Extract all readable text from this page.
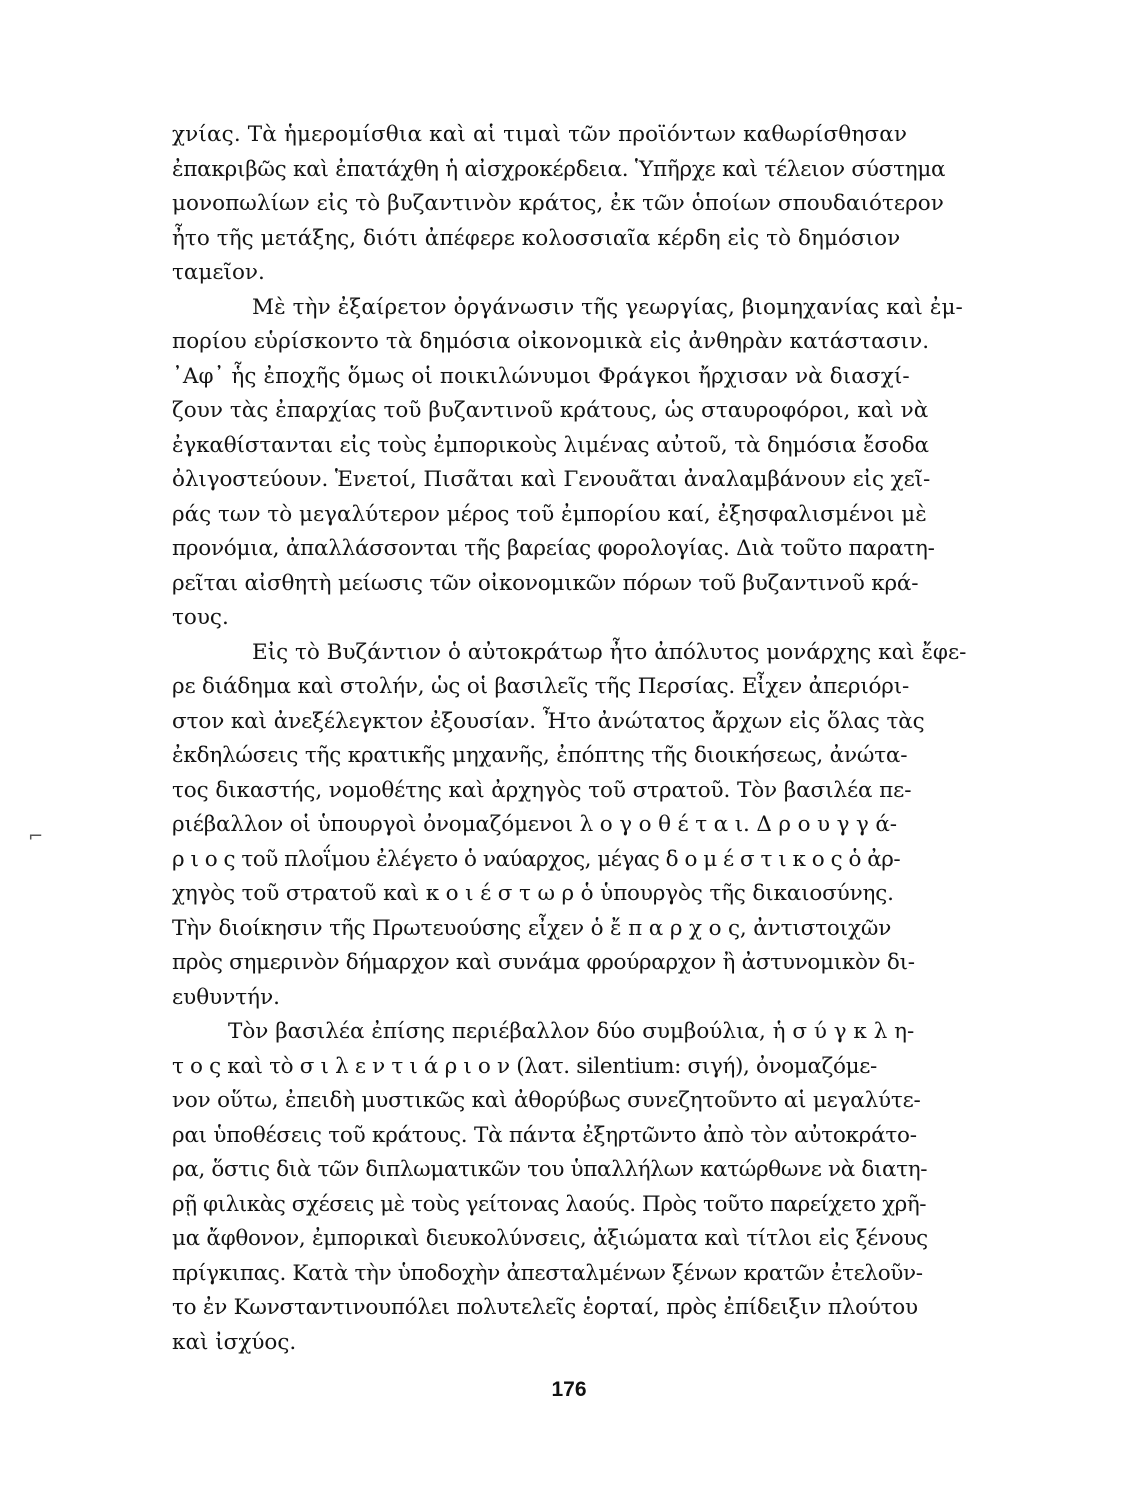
χνίας. Τὰ ἡμερομίσθια καὶ αἱ τιμαὶ τῶν προϊόντων καθωρίσθησαν
ἐπακριβῶς καὶ ἐπατάχθη ἡ αἰσχροκέρδεια. Ὑπῆρχε καὶ τέλειον σύστημα
μονοπωλίων εἰς τὸ βυζαντινὸν κράτος, ἐκ τῶν ὁποίων σπουδαιότερον
ἦτο τῆς μετάξης, διότι ἀπέφερε κολοσσιαῖα κέρδη εἰς τὸ δημόσιον
ταμεῖον.
Μὲ τὴν ἐξαίρετον ὀργάνωσιν τῆς γεωργίας, βιομηχανίας καὶ ἐμ-
πορίου εὑρίσκοντο τὰ δημόσια οἰκονομικὰ εἰς ἀνθηρὰν κατάστασιν.
᾿Αφ᾿ ἧς ἐποχῆς ὅμως οἱ ποικιλώνυμοι Φράγκοι ἤρχισαν νὰ διασχί-
ζουν τὰς ἐπαρχίας τοῦ βυζαντινοῦ κράτους, ὡς σταυροφόροι, καὶ νὰ
ἐγκαθίστανται εἰς τοὺς ἐμπορικοὺς λιμένας αὐτοῦ, τὰ δημόσια ἔσοδα
ὀλιγοστεύουν. Ἑνετοί, Πισᾶται καὶ Γενουᾶται ἀναλαμβάνουν εἰς χεῖ-
ράς των τὸ μεγαλύτερον μέρος τοῦ ἐμπορίου καί, ἐξησφαλισμένοι μὲ
προνόμια, ἀπαλλάσσονται τῆς βαρείας φορολογίας. Διὰ τοῦτο παρατη-
ρεῖται αἰσθητὴ μείωσις τῶν οἰκονομικῶν πόρων τοῦ βυζαντινοῦ κρά-
τους.
Εἰς τὸ Βυζάντιον ὁ αὐτοκράτωρ ἦτο ἀπόλυτος μονάρχης καὶ ἔφε-
ρε διάδημα καὶ στολήν, ὡς οἱ βασιλεῖς τῆς Περσίας. Εἶχεν ἀπεριόρι-
στον καὶ ἀνεξέλεγκτον ἐξουσίαν. Ἦτο ἀνώτατος ἄρχων εἰς ὅλας τὰς
ἐκδηλώσεις τῆς κρατικῆς μηχανῆς, ἐπόπτης τῆς διοικήσεως, ἀνώτα-
τος δικαστής, νομοθέτης καὶ ἀρχηγὸς τοῦ στρατοῦ. Τὸν βασιλέα πε-
ριέβαλλον οἱ ὑπουργοὶ ὀνομαζόμενοι λ ο γ ο θ έ τ α ι. Δ ρ ο υ γ γ ά-
ρ ι ο ς τοῦ πλοΐμου ἐλέγετο ὁ ναύαρχος, μέγας δ ο μ έ σ τ ι κ ο ς ὁ ἀρ-
χηγὸς τοῦ στρατοῦ καὶ κ ο ι έ σ τ ω ρ ὁ ὑπουργὸς τῆς δικαιοσύνης.
Τὴν διοίκησιν τῆς Πρωτευούσης εἶχεν ὁ ἔ π α ρ χ ο ς, ἀντιστοιχῶν
πρὸς σημερινὸν δήμαρχον καὶ συνάμα φρούραρχον ἢ ἀστυνομικὸν δι-
ευθυντήν.
Τὸν βασιλέα ἐπίσης περιέβαλλον δύο συμβούλια, ἡ σ ύ γ κ λ η-
τ ο ς καὶ τὸ σ ι λ ε ν τ ι ά ρ ι ο ν (λατ. silentium: σιγή), ὀνομαζόμε-
νον οὕτω, ἐπειδὴ μυστικῶς καὶ ἀθορύβως συνεζητοῦντο αἱ μεγαλύτε-
ραι ὑποθέσεις τοῦ κράτους. Τὰ πάντα ἐξηρτῶντο ἀπὸ τὸν αὐτοκράτο-
ρα, ὅστις διὰ τῶν διπλωματικῶν του ὑπαλλήλων κατώρθωνε νὰ διατη-
ρῇ φιλικὰς σχέσεις μὲ τοὺς γείτονας λαούς. Πρὸς τοῦτο παρείχετο χρῆ-
μα ἄφθονον, ἐμπορικαὶ διευκολύνσεις, ἀξιώματα καὶ τίτλοι εἰς ξένους
πρίγκιπας. Κατὰ τὴν ὑποδοχὴν ἀπεσταλμένων ξένων κρατῶν ἐτελοῦν-
το ἐν Κωνσταντινουπόλει πολυτελεῖς ἑορταί, πρὸς ἐπίδειξιν πλούτου
καὶ ἰσχύος.
⌐
176
